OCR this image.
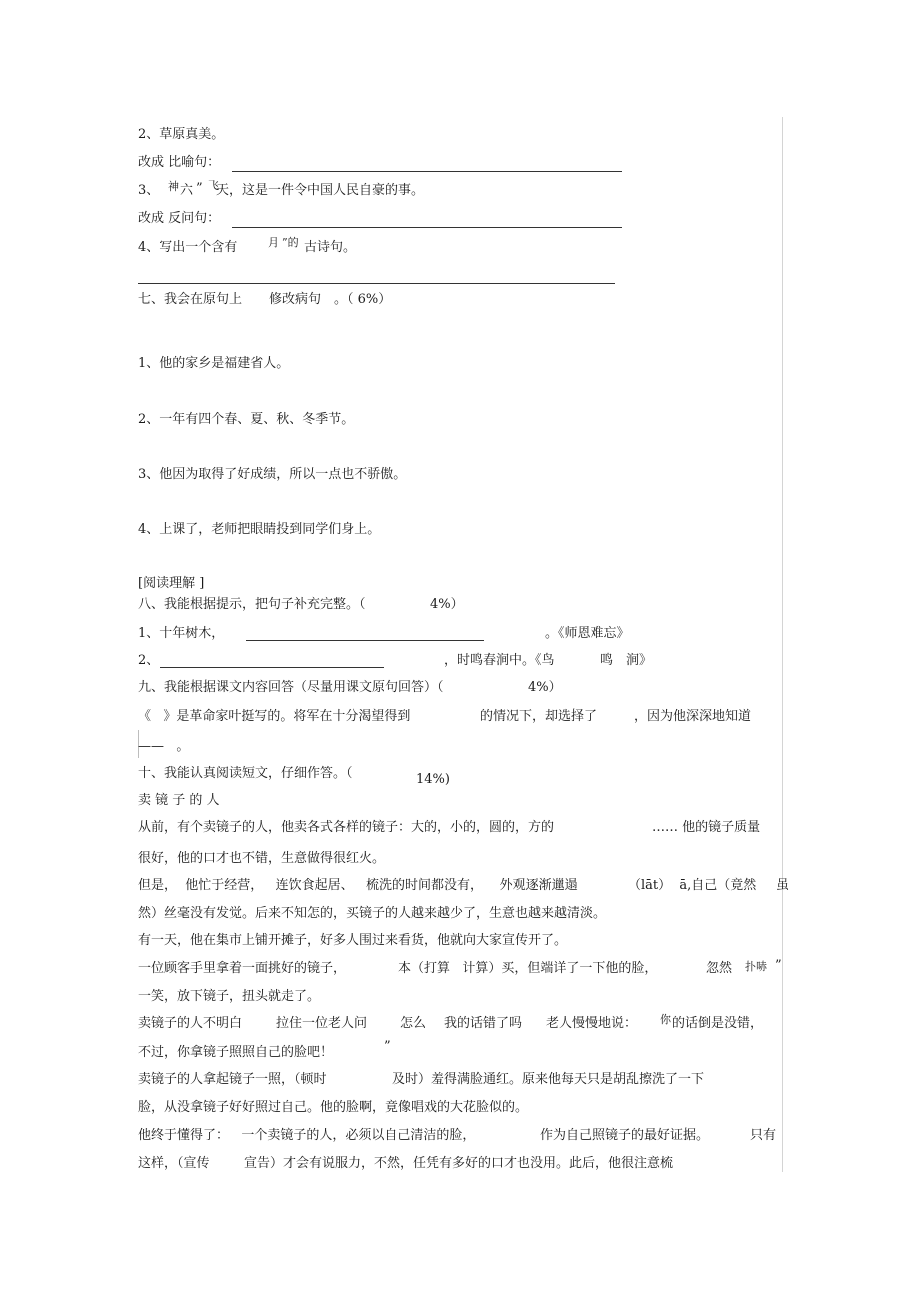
2、草原真美。
改成 比喻句：
3、 神 六 ” 飞
天，这是一件令中国人民自豪的事。
改成 反问句：
4、写出一个含有	月 ”的 古诗句。
七、我会在原句上 修改病句 。（ 6%）
1、他的家乡是福建省人。
2、一年有四个春、夏、秋、冬季节。
3、他因为取得了好成绩，所以一点也不骄傲。
4、上课了，老师把眼睛投到同学们身上。
[阅读理解 ]
八、我能根据提示，把句子补充完整。（	4%）
1、十年树木，	。《师恩难忘》
2、	，时鸣春涧中。《鸟	鸣 涧》
九、我能根据课文内容回答（尽量用课文原句回答）（	4%）
《   》是革命家叶挺写的。将军在十分渴望得到	的情况下，却选择了	，因为他深深地知道
——   。
十、我能认真阅读短文，仔细作答。（	14%)
卖 镜 子 的 人
从前，有个卖镜子的人，他卖各式各样的镜子：大的，小的，圆的，方的	…… 他的镜子质量
很好，他的口才也不错，生意做得很红火。
但是，  他忙于经营，   连饮食起居、   梳洗的时间都没有，    外观逐渐邋遢	（lāt）  ā,自己（竟然 虽
然）丝毫没有发觉。后来不知怎的，买镜子的人越来越少了，生意也越来越清淡。
有一天，他在集市上铺开摊子，好多人围过来看货，他就向大家宣传开了。
一位顾客手里拿着一面挑好的镜子，	本（打算   计算）买，但端详了一下他的脸，	忽然 扑哧 ”
一笑，放下镜子，扭头就走了。
卖镜子的人不明白	拉住一位老人问	怎么 我的话错了吗 老人慢慢地说： 你 的话倒是没错，
不过，你拿镜子照照自己的脸吧！	”
卖镜子的人拿起镜子一照，（顿时	及时）羞得满脸通红。原来他每天只是胡乱擦洗了一下
脸，从没拿镜子好好照过自己。他的脸啊，竟像唱戏的大花脸似的。
他终于懂得了：   一个卖镜子的人，必须以自己清洁的脸，	作为自己照镜子的最好证据。	只有
这样，（宣传	宣告）才会有说服力，不然，任凭有多好的口才也没用。此后，他很注意梳
